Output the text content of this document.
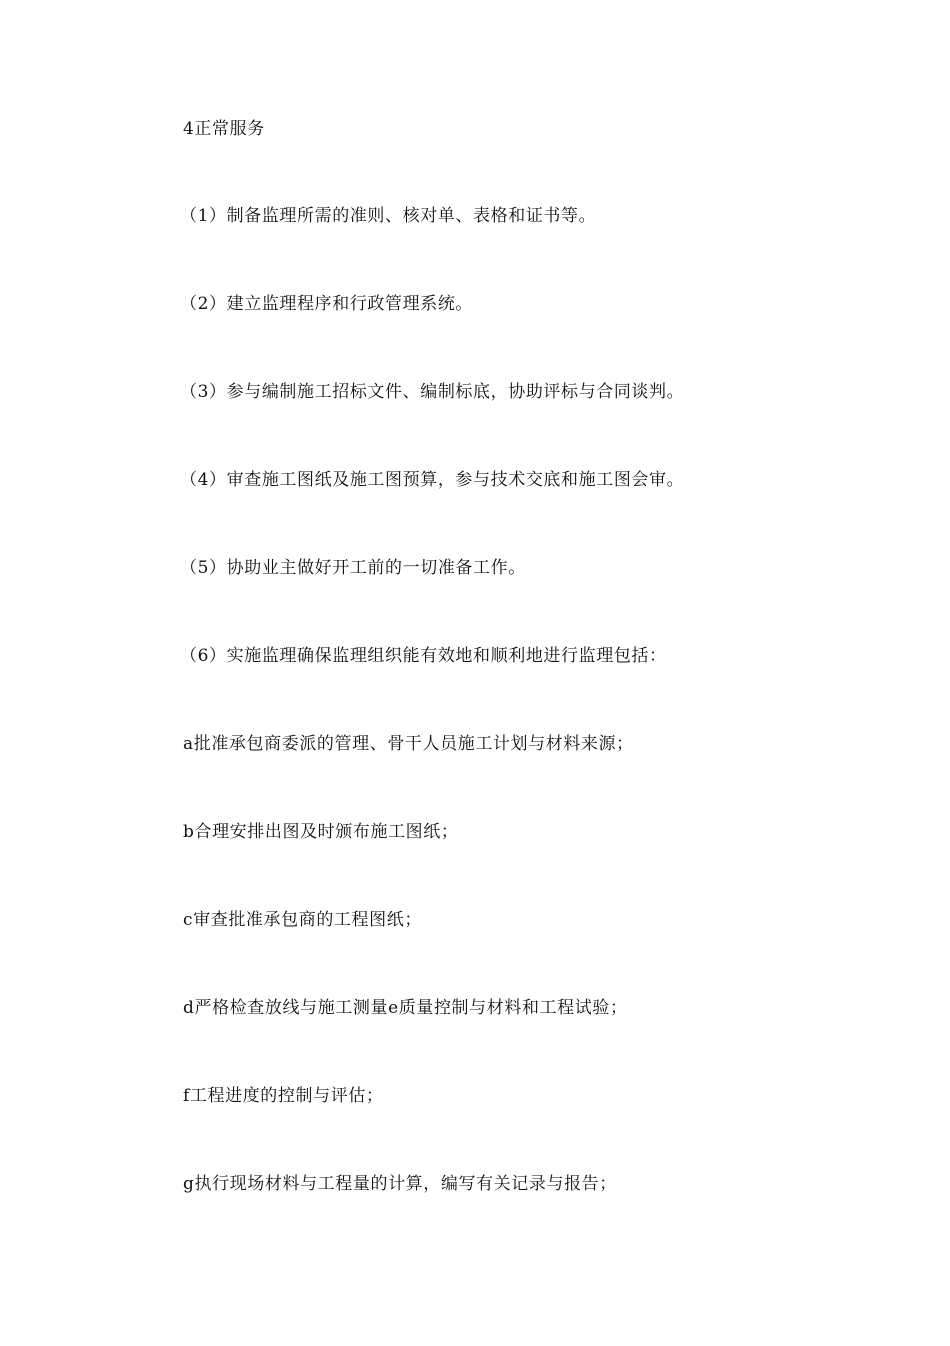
4正常服务
（1）制备监理所需的准则、核对单、表格和证书等。
（2）建立监理程序和行政管理系统。
（3）参与编制施工招标文件、编制标底，协助评标与合同谈判。
（4）审查施工图纸及施工图预算，参与技术交底和施工图会审。
（5）协助业主做好开工前的一切准备工作。
（6）实施监理确保监理组织能有效地和顺利地进行监理包括：
a批准承包商委派的管理、骨干人员施工计划与材料来源；
b合理安排出图及时颁布施工图纸；
c审查批准承包商的工程图纸；
d严格检查放线与施工测量e质量控制与材料和工程试验；
f工程进度的控制与评估；
g执行现场材料与工程量的计算，编写有关记录与报告；
